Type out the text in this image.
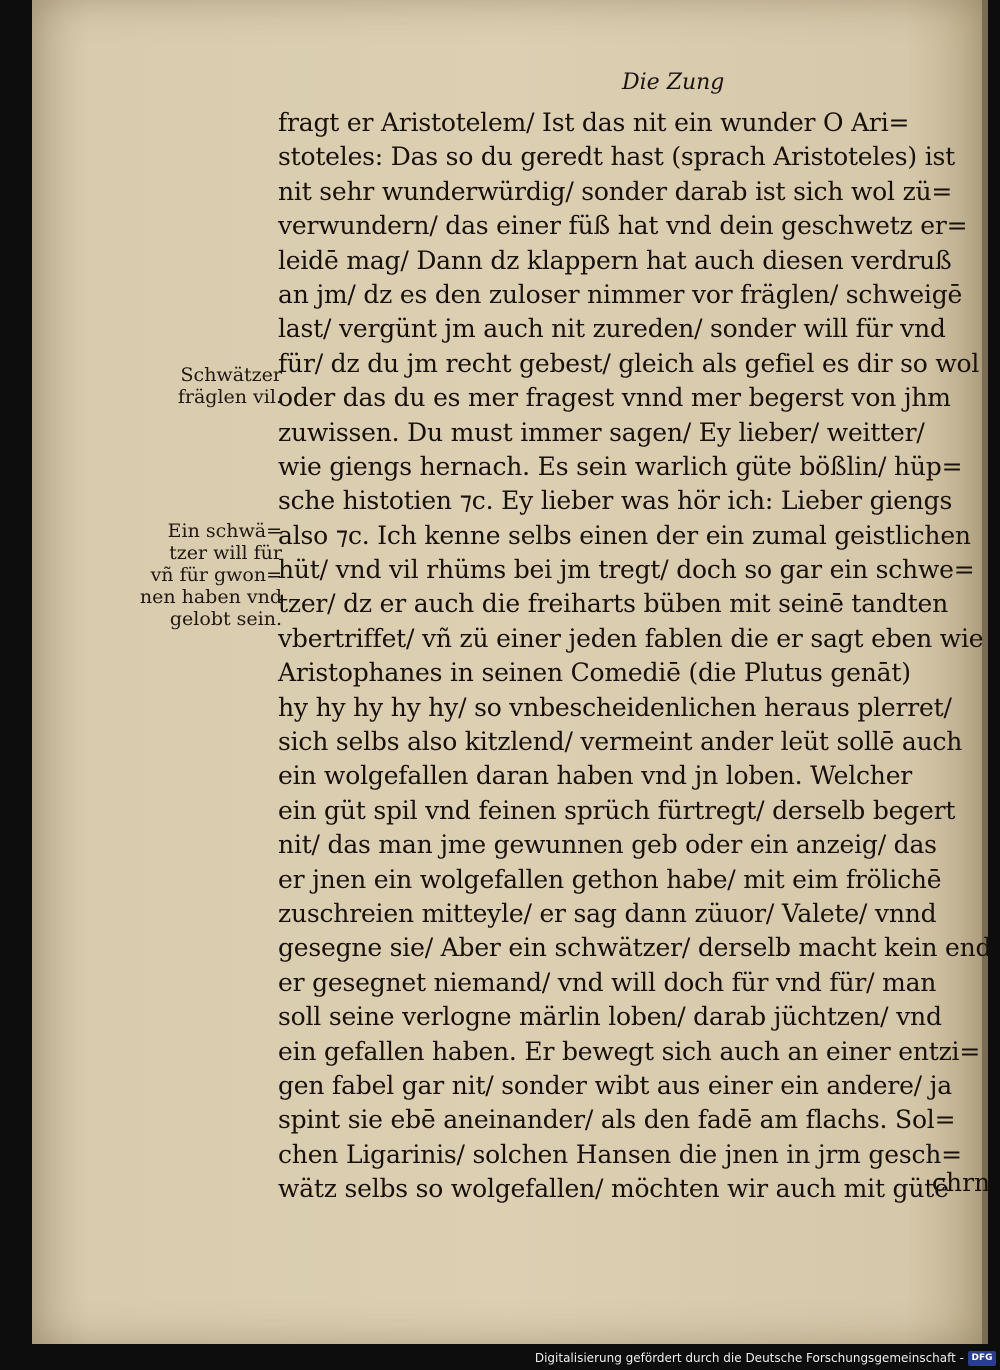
Die Zung
Schwätzer
fräglen vil.
Ein schwä=
tzer will für
vñ für gwon=
nen haben vnd
gelobt sein.
fragt er Aristotelem/ Ist das nit ein wunder O Ari=
stoteles: Das so du geredt hast (sprach Aristoteles) ist
nit sehr wunderwürdig/ sonder darab ist sich wol zü=
verwundern/ das einer füß hat vnd dein geschwetz er=
leidē mag/ Dann dz klappern hat auch diesen verdruß
an jm/ dz es den zuloser nimmer vor fräglen/ schweigē
last/ vergünt jm auch nit zureden/ sonder will für vnd
für/ dz du jm recht gebest/ gleich als gefiel es dir so wol
oder das du es mer fragest vnnd mer begerst von jhm
zuwissen. Du must immer sagen/ Ey lieber/ weitter/
wie giengs hernach. Es sein warlich güte bößlin/ hüp=
sche histotien ⁊c. Ey lieber was hör ich: Lieber giengs
also ⁊c. Ich kenne selbs einen der ein zumal geistlichen
hüt/ vnd vil rhüms bei jm tregt/ doch so gar ein schwe=
tzer/ dz er auch die freiharts büben mit seinē tandten
vbertriffet/ vñ zü einer jeden fablen die er sagt eben wie
Aristophanes in seinen Comediē (die Plutus genāt)
hy hy hy hy hy/ so vnbescheidenlichen heraus plerret/
sich selbs also kitzlend/ vermeint ander leüt sollē auch
ein wolgefallen daran haben vnd jn loben. Welcher
ein güt spil vnd feinen sprüch fürtregt/ derselb begert
nit/ das man jme gewunnen geb oder ein anzeig/ das
er jnen ein wolgefallen gethon habe/ mit eim frölichē
zuschreien mitteyle/ er sag dann züuor/ Valete/ vnnd
gesegne sie/ Aber ein schwätzer/ derselb macht kein end
er gesegnet niemand/ vnd will doch für vnd für/ man
soll seine verlogne märlin loben/ darab jüchtzen/ vnd
ein gefallen haben. Er bewegt sich auch an einer entzi=
gen fabel gar nit/ sonder wibt aus einer ein andere/ ja
spint sie ebē aneinander/ als den fadē am flachs. Sol=
chen Ligarinis/ solchen Hansen die jnen in jrm gesch=
wätz selbs so wolgefallen/ möchten wir auch mit gütē
chrn
Digitalisierung gefördert durch die Deutsche Forschungsgemeinschaft - DFG
